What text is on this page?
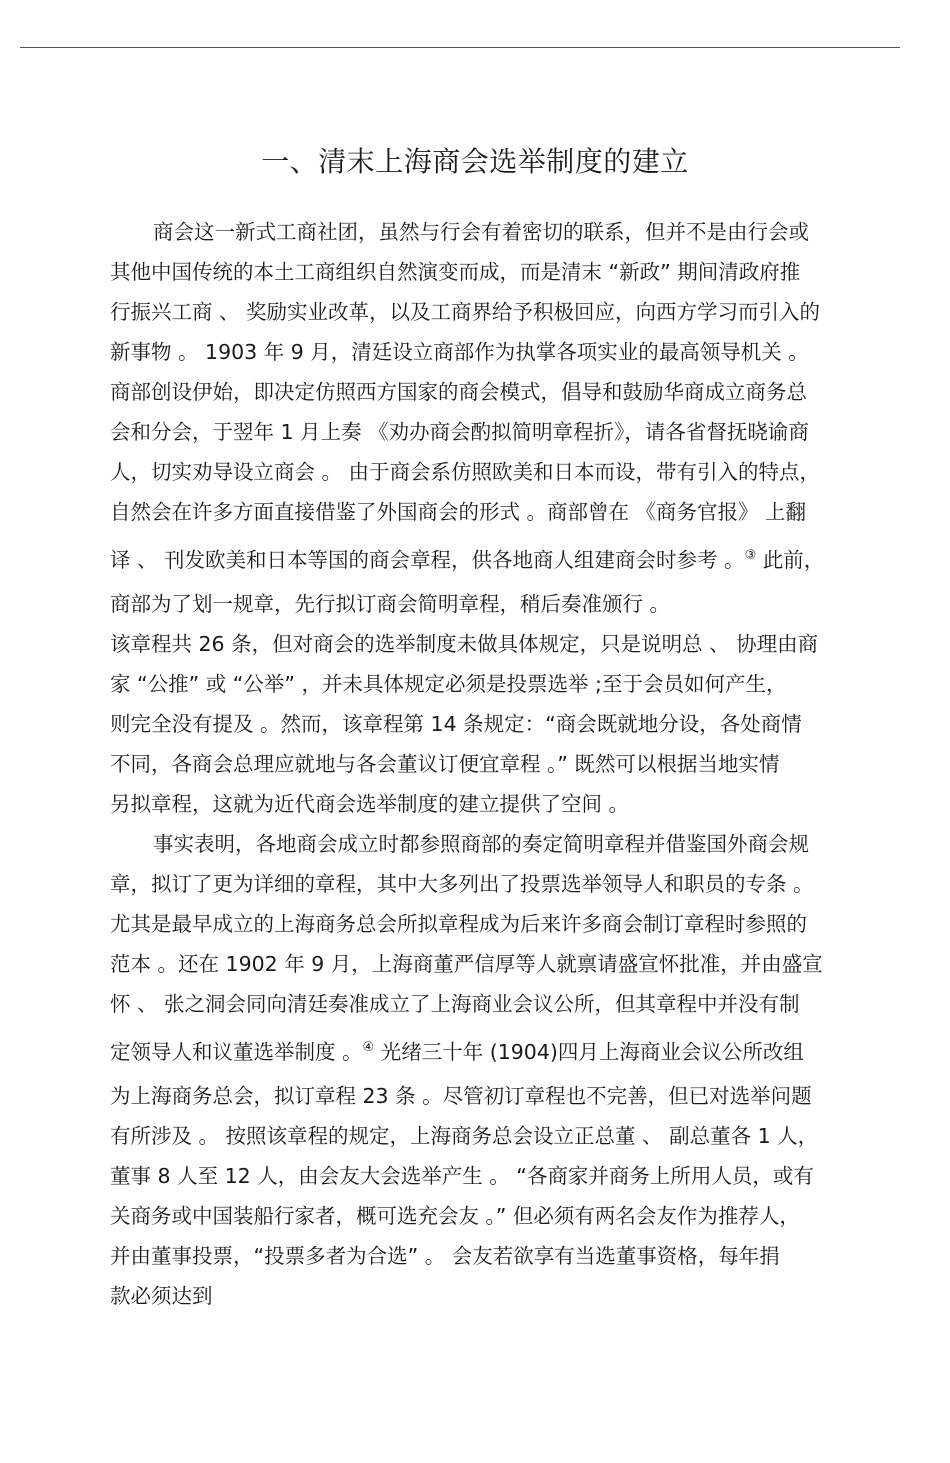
一、清末上海商会选举制度的建立
商会这一新式工商社团，虽然与行会有着密切的联系，但并不是由行会或
其他中国传统的本土工商组织自然演变而成，而是清末 “新政” 期间清政府推
行振兴工商 、 奖励实业改革，以及工商界给予积极回应，向西方学习而引入的
新事物 。 1903 年 9 月，清廷设立商部作为执掌各项实业的最高领导机关 。
商部创设伊始，即决定仿照西方国家的商会模式，倡导和鼓励华商成立商务总
会和分会，于翌年 1 月上奏 《劝办商会酌拟简明章程折》，请各省督抚晓谕商
人，切实劝导设立商会 。 由于商会系仿照欧美和日本而设，带有引入的特点，
自然会在许多方面直接借鉴了外国商会的形式 。商部曾在 《商务官报》 上翻
译 、 刊发欧美和日本等国的商会章程，供各地商人组建商会时参考 。③ 此前，
商部为了划一规章，先行拟订商会简明章程，稍后奏准颁行 。
该章程共 26 条，但对商会的选举制度未做具体规定，只是说明总 、 协理由商
家 “公推” 或 “公举” ，并未具体规定必须是投票选举 ;至于会员如何产生，
则完全没有提及 。然而，该章程第 14 条规定：“商会既就地分设，各处商情
不同，各商会总理应就地与各会董议订便宜章程 。” 既然可以根据当地实情
另拟章程，这就为近代商会选举制度的建立提供了空间 。
事实表明，各地商会成立时都参照商部的奏定简明章程并借鉴国外商会规
章，拟订了更为详细的章程，其中大多列出了投票选举领导人和职员的专条 。
尤其是最早成立的上海商务总会所拟章程成为后来许多商会制订章程时参照的
范本 。还在 1902 年 9 月，上海商董严信厚等人就禀请盛宣怀批准，并由盛宣
怀 、 张之洞会同向清廷奏准成立了上海商业会议公所，但其章程中并没有制
定领导人和议董选举制度 。④ 光绪三十年 (1904)四月上海商业会议公所改组
为上海商务总会，拟订章程 23 条 。尽管初订章程也不完善，但已对选举问题
有所涉及 。 按照该章程的规定，上海商务总会设立正总董 、 副总董各 1 人，
董事 8 人至 12 人，由会友大会选举产生 。 “各商家并商务上所用人员，或有
关商务或中国装船行家者，概可选充会友 。” 但必须有两名会友作为推荐人，
并由董事投票，“投票多者为合选” 。 会友若欲享有当选董事资格，每年捐
款必须达到
